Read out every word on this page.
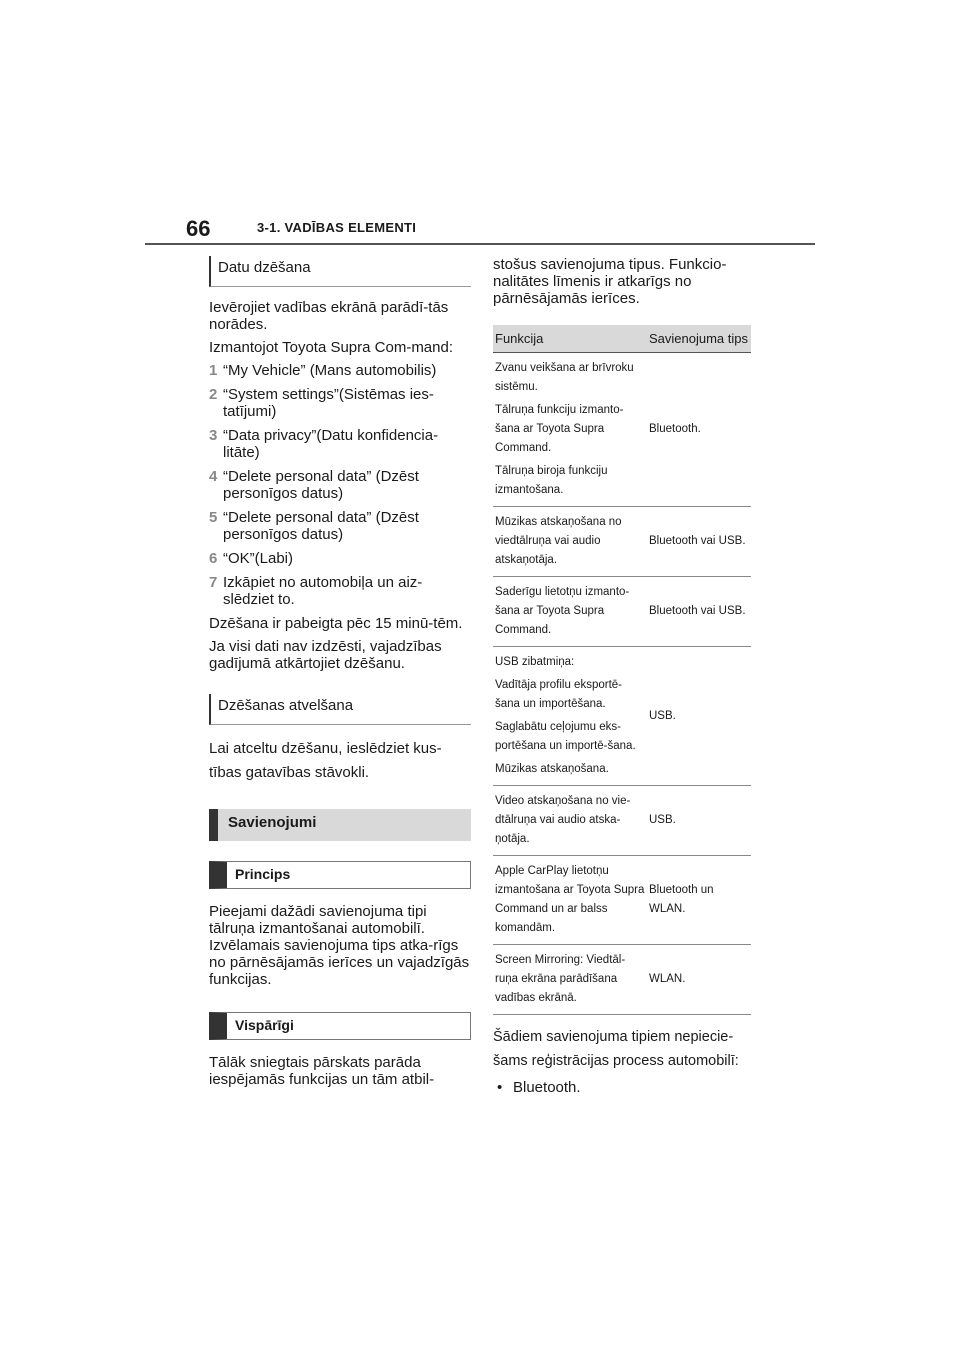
66	3-1. VADĪBAS ELEMENTI
Datu dzēšana

Ievērojiet vadības ekrānā parādī-tās norādes.

Izmantojot Toyota Supra Com-mand:

1 “My Vehicle” (Mans automobilis)
2 “System settings”(Sistēmas ies-tatījumi)
3 “Data privacy”(Datu konfidencia-litāte)
4 “Delete personal data” (Dzēst personīgos datus)
5 “Delete personal data” (Dzēst personīgos datus)
6 “OK”(Labi)
7 Izkāpiet no automobiļa un aiz-slēdziet to.

Dzēšana ir pabeigta pēc 15 minū-tēm.

Ja visi dati nav izdzēsti, vajadzības gadījumā atkārtojiet dzēšanu.

Dzēšanas atvelšana

Lai atceltu dzēšanu, ieslēdziet kus-tības gatavības stāvokli.

Savienojumi
Princips

Pieejami dažādi savienojuma tipi tālruņa izmantošanai automobilī. Izvēlamais savienojuma tips atka-rīgs no pārnēsājamās ierīces un vajadzīgās funkcijas.

Vispārīgi

Tālāk sniegtais pārskats parāda iespējamās funkcijas un tām atbil-

stošus savienojuma tipus. Funkcio-nalitātes līmenis ir atkarīgs no pārnēsājamās ierīces.

Funkcija	Savienojuma tips

Zvanu veikšana ar brīvroku sistēmu.
Tālruņa funkciju izmanto-šana ar Toyota Supra Command.
Tālruņa biroja funkciju izmantošana.	Bluetooth.

Mūzikas atskaņošana no viedtālruņa vai audio atskaņotāja.	Bluetooth vai USB.

Saderīgu lietotņu izmanto-šana ar Toyota Supra Command.	Bluetooth vai USB.

USB zibatmiņa:
Vadītāja profilu eksportē-šana un importēšana.
Saglabātu ceļojumu eks-portēšana un importē-šana.
Mūzikas atskaņošana.	USB.

Video atskaņošana no vie-dtālruņa vai audio atska-ņotāja.	USB.

Apple CarPlay lietotņu izmantošana ar Toyota Supra Command un ar balss komandām.	Bluetooth un WLAN.

Screen Mirroring: Viedtāl-ruņa ekrāna parādīšana vadības ekrānā.	WLAN.

Šādiem savienojuma tipiem nepiecie-šams reģistrācijas process automobilī:

• Bluetooth.
